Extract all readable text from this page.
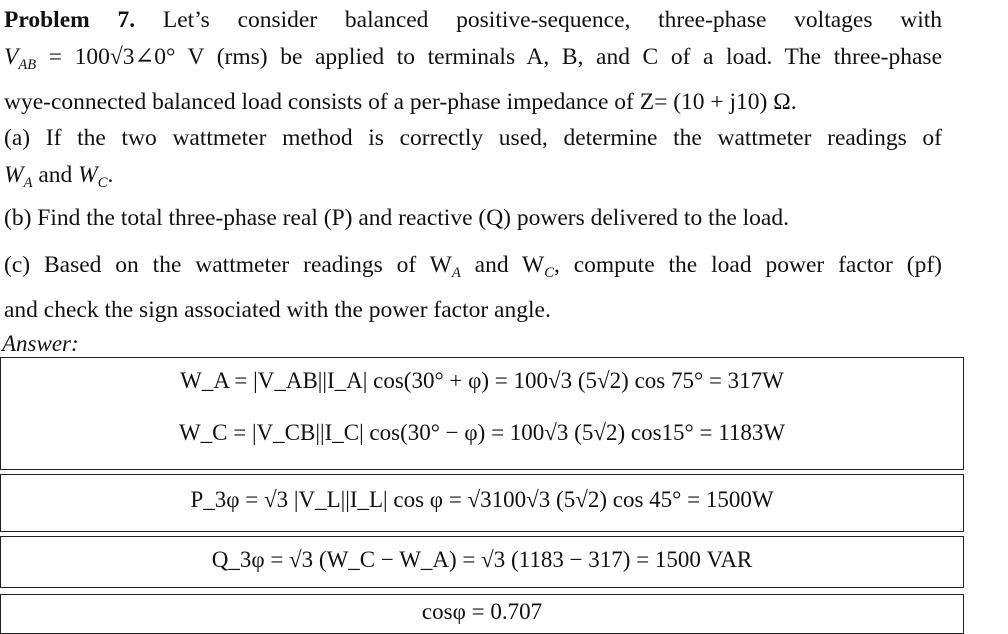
Problem 7. Let’s consider balanced positive-sequence, three-phase voltages with
$V_{AB}$ = 100√3∠0° V (rms) be applied to terminals A, B, and C of a load. The three-phase
wye-connected balanced load consists of a per-phase impedance of Z= (10 + j10) Ω.
(a) If the two wattmeter method is correctly used, determine the wattmeter readings of
$W_A$ and $W_C$.
(b) Find the total three-phase real (P) and reactive (Q) powers delivered to the load.
(c) Based on the wattmeter readings of $W_A$ and $W_C$, compute the load power factor (pf)
and check the sign associated with the power factor angle.
Answer:
W_A = |V_AB||I_A| cos(30° + φ) = 100√3 (5√2) cos 75° = 317W
W_C = |V_CB||I_C| cos(30° − φ) = 100√3 (5√2) cos15° = 1183W
P_3φ = √3 |V_L||I_L| cos φ = √3100√3 (5√2) cos 45° = 1500W
Q_3φ = √3 (W_C − W_A) = √3 (1183 − 317) = 1500 VAR
cosφ = 0.707
